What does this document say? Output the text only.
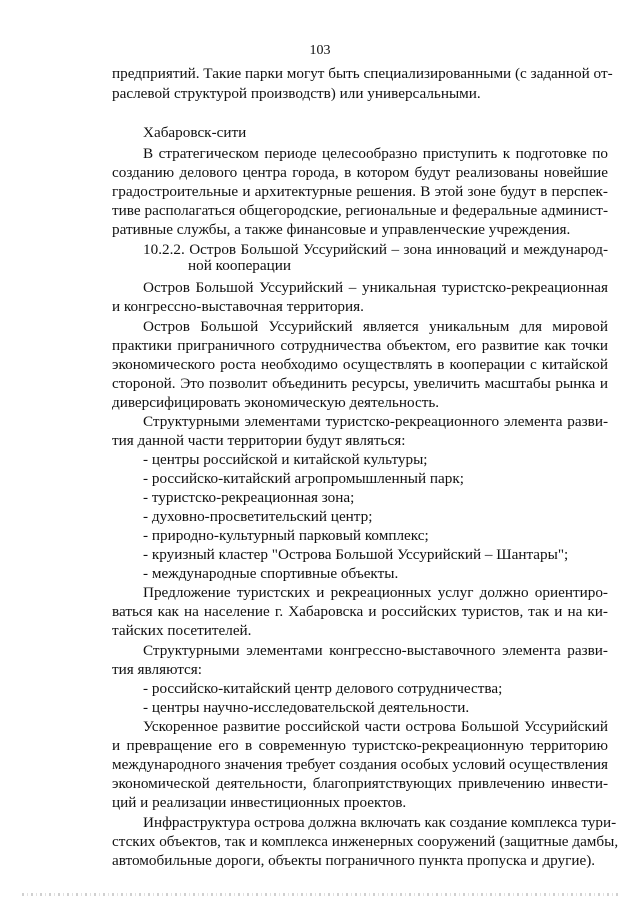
103
предприятий. Такие парки могут быть специализированными (с заданной от-
раслевой структурой производств) или универсальными.
Хабаровск-сити
В стратегическом периоде целесообразно приступить к подготовке по
созданию делового центра города, в котором будут реализованы новейшие
градостроительные и архитектурные решения. В этой зоне будут в перспек-
тиве располагаться общегородские, региональные и федеральные админист-
ративные службы, а также финансовые и управленческие учреждения.
10.2.2. Остров Большой Уссурийский – зона инноваций и международ-
ной кооперации
Остров Большой Уссурийский – уникальная туристско-рекреационная
и конгрессно-выставочная территория.
Остров Большой Уссурийский является уникальным для мировой
практики приграничного сотрудничества объектом, его развитие как точки
экономического роста необходимо осуществлять в кооперации с китайской
стороной. Это позволит объединить ресурсы, увеличить масштабы рынка и
диверсифицировать экономическую деятельность.
Структурными элементами туристско-рекреационного элемента разви-
тия данной части территории будут являться:
- центры российской и китайской культуры;
- российско-китайский агропромышленный парк;
- туристско-рекреационная зона;
- духовно-просветительский центр;
- природно-культурный парковый комплекс;
- круизный кластер "Острова Большой Уссурийский – Шантары";
- международные спортивные объекты.
Предложение туристских и рекреационных услуг должно ориентиро-
ваться как на население г. Хабаровска и российских туристов, так и на ки-
тайских посетителей.
Структурными элементами конгрессно-выставочного элемента разви-
тия являются:
- российско-китайский центр делового сотрудничества;
- центры научно-исследовательской деятельности.
Ускоренное развитие российской части острова Большой Уссурийский
и превращение его в современную туристско-рекреационную территорию
международного значения требует создания особых условий осуществления
экономической деятельности, благоприятствующих привлечению инвести-
ций и реализации инвестиционных проектов.
Инфраструктура острова должна включать как создание комплекса тури-
стских объектов, так и комплекса инженерных сооружений (защитные дамбы,
автомобильные дороги, объекты пограничного пункта пропуска и другие).
